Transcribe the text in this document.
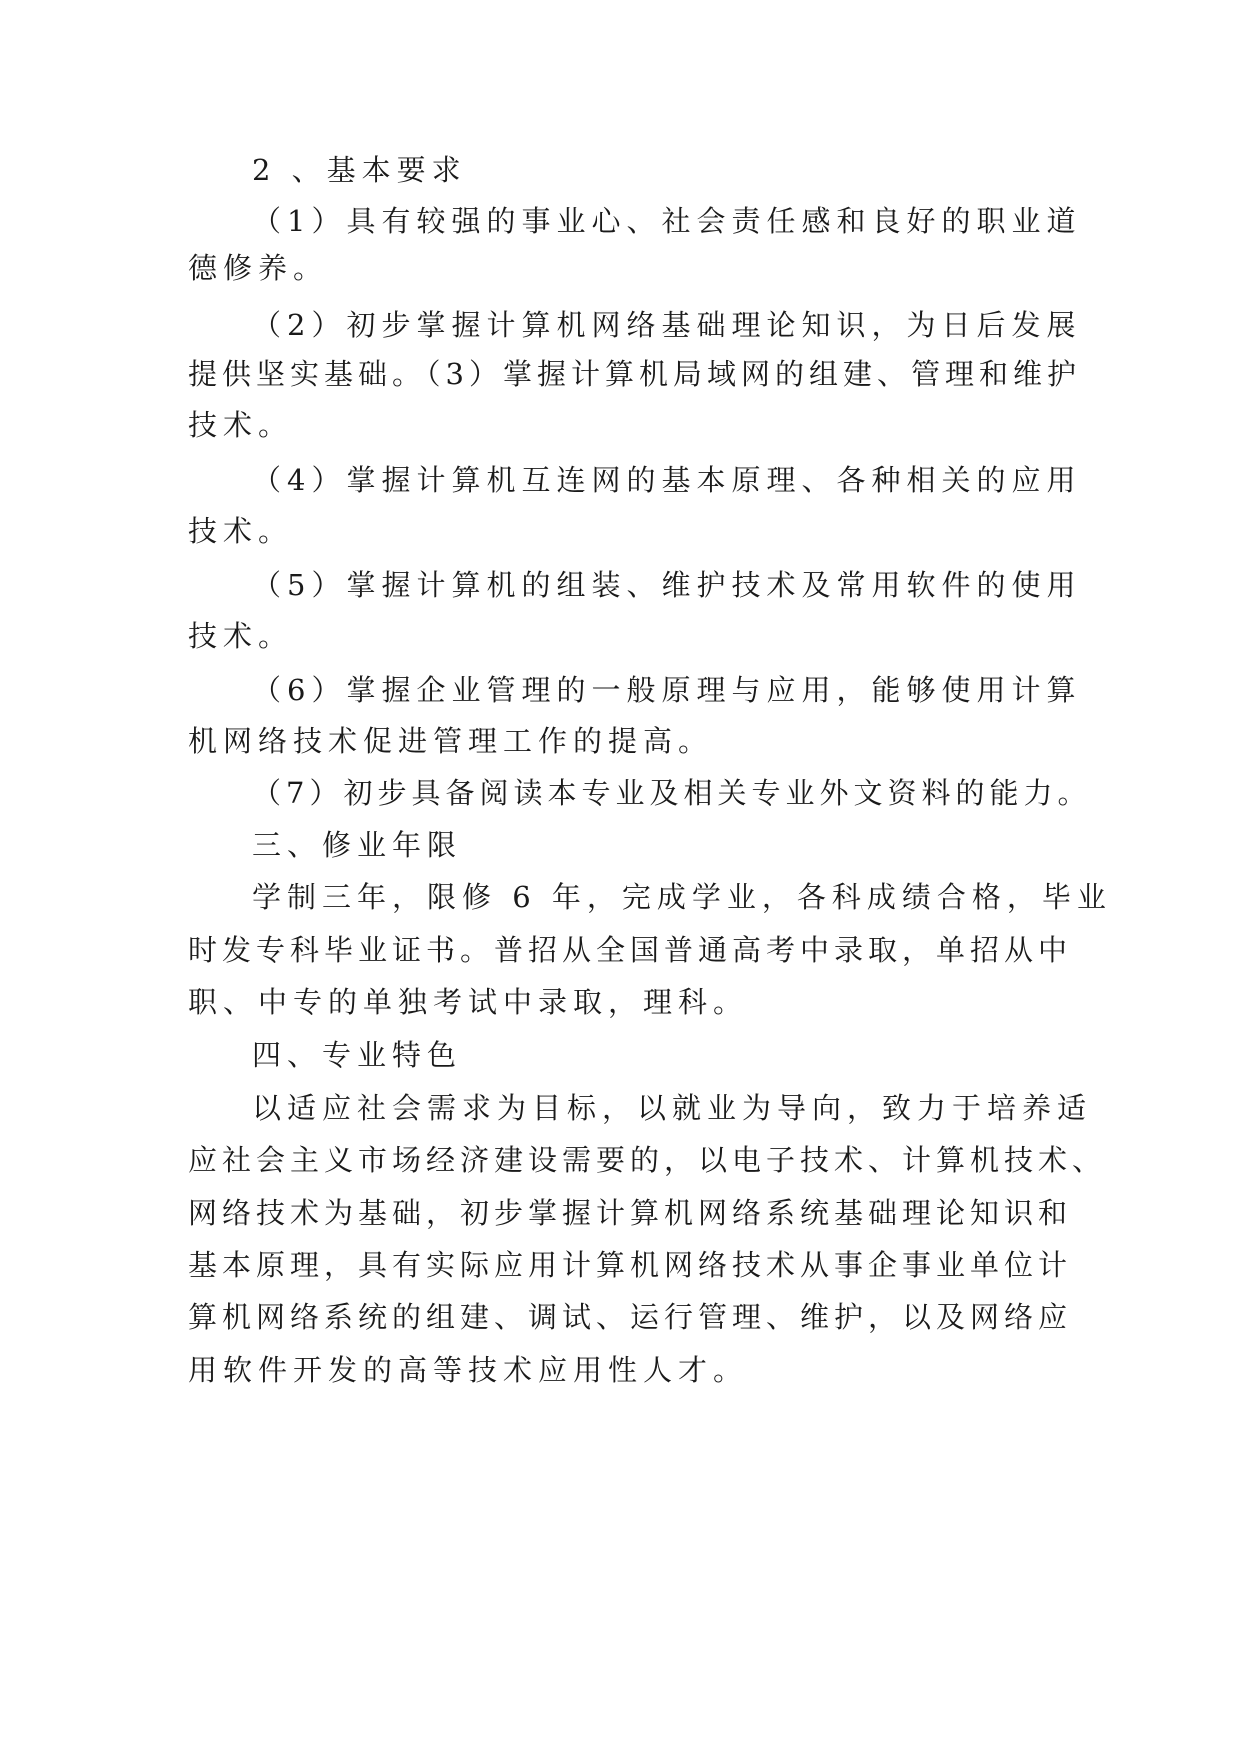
2 、基本要求

（1）具有较强的事业心、社会责任感和良好的职业道

德修养。

（2）初步掌握计算机网络基础理论知识，为日后发展

提供坚实基础。（3）掌握计算机局域网的组建、管理和维护

技术。

（4）掌握计算机互连网的基本原理、各种相关的应用

技术。

（5）掌握计算机的组装、维护技术及常用软件的使用

技术。

（6）掌握企业管理的一般原理与应用，能够使用计算

机网络技术促进管理工作的提高。

（7）初步具备阅读本专业及相关专业外文资料的能力。

三、修业年限

学制三年，限修 6 年，完成学业，各科成绩合格，毕业

时发专科毕业证书。普招从全国普通高考中录取，单招从中

职、中专的单独考试中录取，理科。

四、专业特色

以适应社会需求为目标，以就业为导向，致力于培养适

应社会主义市场经济建设需要的，以电子技术、计算机技术、

网络技术为基础，初步掌握计算机网络系统基础理论知识和

基本原理，具有实际应用计算机网络技术从事企事业单位计

算机网络系统的组建、调试、运行管理、维护，以及网络应

用软件开发的高等技术应用性人才。
